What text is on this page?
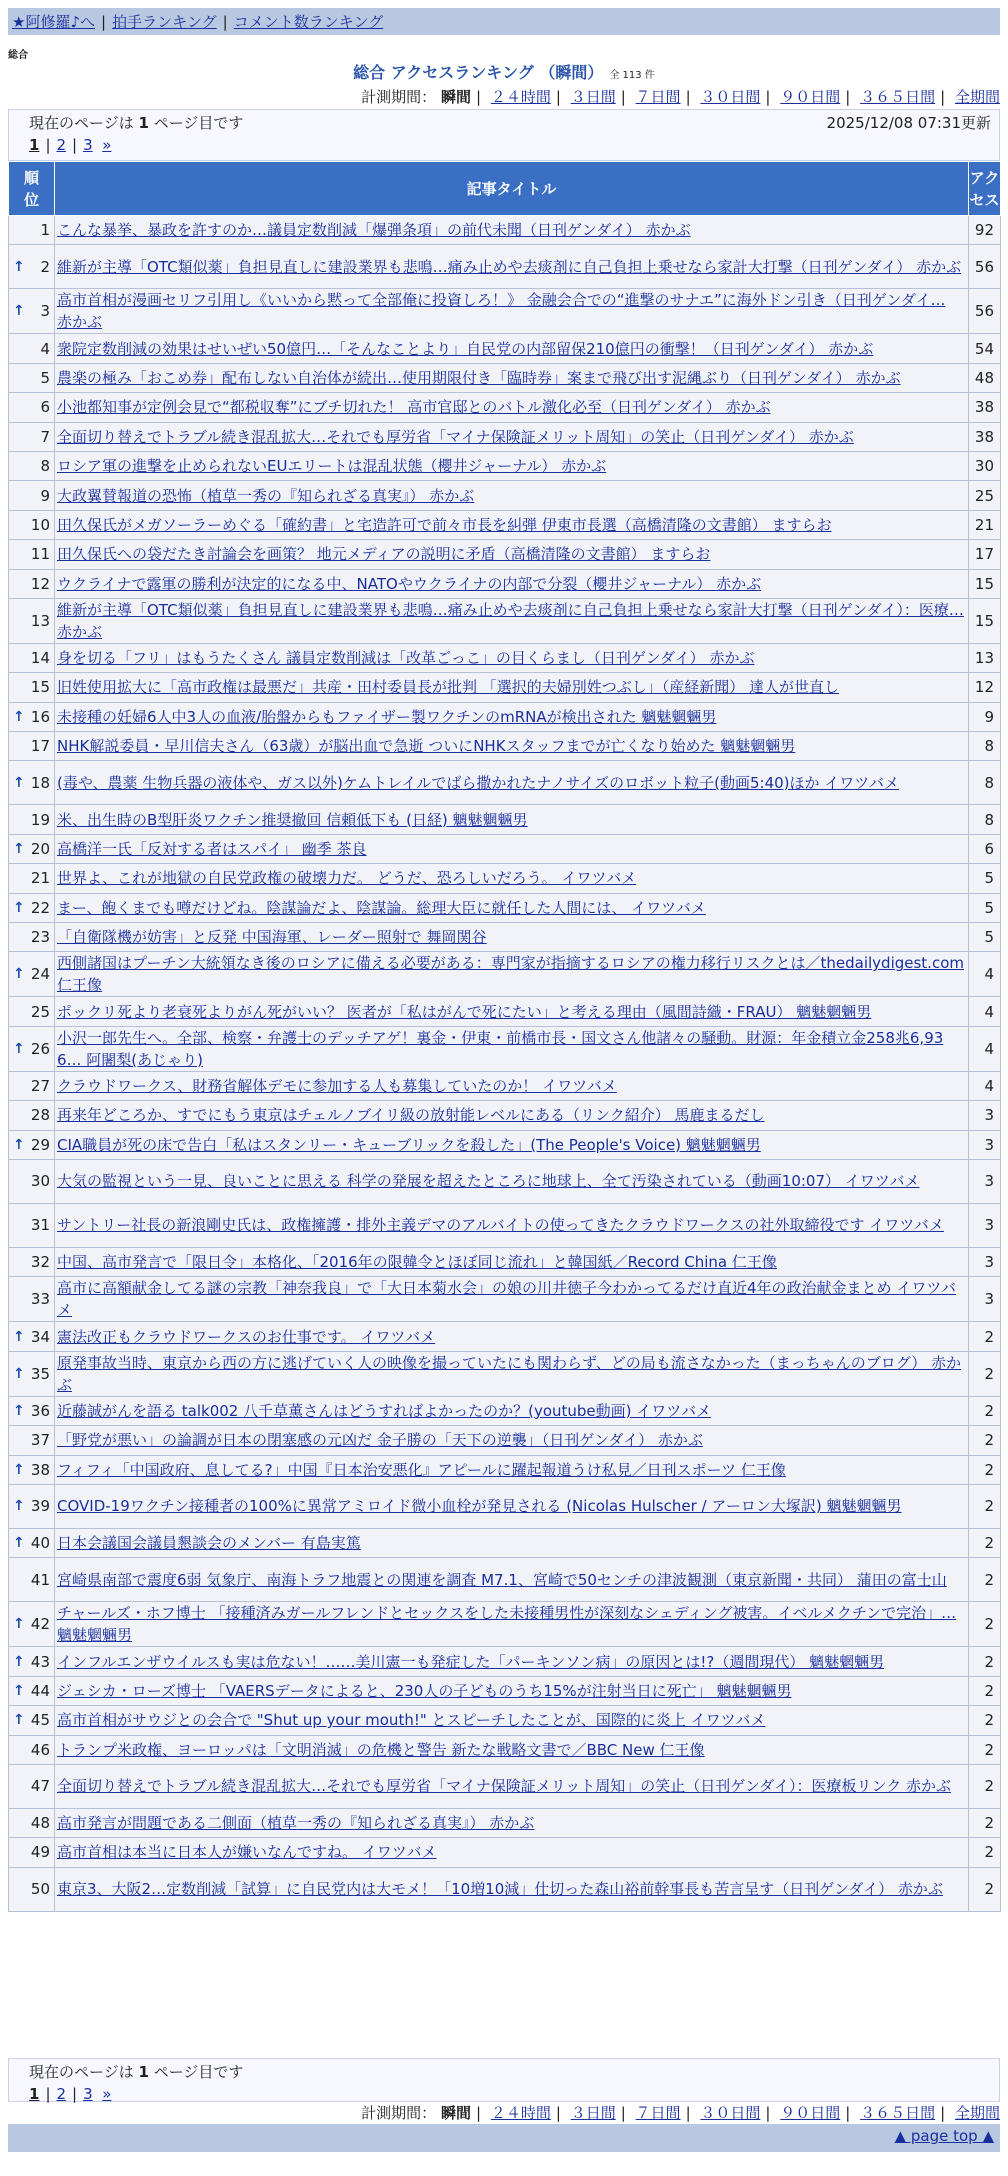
★阿修羅♪へ | 拍手ランキング | コメント数ランキング
総合
総合 アクセスランキング （瞬間） 全 113 件
計測期間： 瞬間 | ２４時間 | ３日間 | ７日間 | ３０日間 | ９０日間 | ３６５日間 | 全期間
現在のページは 1 ページ目です	2025/12/08 07:31更新
1 | 2 | 3 »
順位	記事タイトル	アクセス
1	こんな暴挙、暴政を許すのか…議員定数削減「爆弾条項」の前代未聞（日刊ゲンダイ） 赤かぶ	92

↑ 2	維新が主導「OTC類似薬」負担見直しに建設業界も悲鳴…痛み止めや去痰剤に自己負担上乗せなら家計大打撃（日刊ゲンダイ） 赤かぶ	56

↑ 3	高市首相が漫画セリフ引用し《いいから黙って全部俺に投資しろ！》 金融会合での“進撃のサナエ”に海外ドン引き（日刊ゲンダイ… 赤かぶ	56
4	衆院定数削減の効果はせいぜい50億円…「そんなことより」自民党の内部留保210億円の衝撃！（日刊ゲンダイ） 赤かぶ	54
5	農楽の極み「おこめ券」配布しない自治体が続出…使用期限付き「臨時券」案まで飛び出す泥縄ぶり（日刊ゲンダイ） 赤かぶ	48
6	小池都知事が定例会見で“都税収奪”にブチ切れた！ 高市官邸とのバトル激化必至（日刊ゲンダイ） 赤かぶ	38
7	全面切り替えでトラブル続き混乱拡大…それでも厚労省「マイナ保険証メリット周知」の笑止（日刊ゲンダイ） 赤かぶ	38
8	ロシア軍の進撃を止められないEUエリートは混乱状態（櫻井ジャーナル） 赤かぶ	30
9	大政翼賛報道の恐怖（植草一秀の『知られざる真実』） 赤かぶ	25
10	田久保氏がメガソーラーめぐる「確約書」と宅造許可で前々市長を糾弾 伊東市長選（高橋清隆の文書館） ますらお	21
11	田久保氏への袋だたき討論会を画策？ 地元メディアの説明に矛盾（高橋清隆の文書館） ますらお	17
12	ウクライナで露軍の勝利が決定的になる中、NATOやウクライナの内部で分裂（櫻井ジャーナル） 赤かぶ	15
13	維新が主導「OTC類似薬」負担見直しに建設業界も悲鳴…痛み止めや去痰剤に自己負担上乗せなら家計大打撃（日刊ゲンダイ）：医療… 赤かぶ	15
14	身を切る「フリ」はもうたくさん 議員定数削減は「改革ごっこ」の目くらまし（日刊ゲンダイ） 赤かぶ	13
15	旧姓使用拡大に「高市政権は最悪だ」共産・田村委員長が批判 「選択的夫婦別姓つぶし」（産経新聞） 達人が世直し	12

↑ 16	未接種の妊婦6人中3人の血液/胎盤からもファイザー製ワクチンのmRNAが検出された 魑魅魍魎男	9
17	NHK解説委員・早川信夫さん（63歳）が脳出血で急逝 ついにNHKスタッフまでが亡くなり始めた 魑魅魍魎男	8

↑ 18	(毒や、農薬 生物兵器の液体や、ガス以外)ケムトレイルでばら撒かれたナノサイズのロボット粒子(動画5:40)ほか イワツバメ	8
19	米、出生時のB型肝炎ワクチン推奨撤回 信頼低下も (日経) 魑魅魍魎男	8

↑ 20	高橋洋一氏「反対する者はスパイ」 幽季 茶良	6
21	世界よ、これが地獄の自民党政権の破壊力だ。 どうだ、恐ろしいだろう。 イワツバメ	5

↑ 22	まー、飽くまでも噂だけどね。陰謀論だよ、陰謀論。総理大臣に就任した人間には、 イワツバメ	5
23	「自衛隊機が妨害」と反発 中国海軍、レーダー照射で 舞岡関谷	5

↑ 24	西側諸国はプーチン大統領なき後のロシアに備える必要がある：専門家が指摘するロシアの権力移行リスクとは／thedailydigest.com 仁王像	4
25	ポックリ死より老衰死よりがん死がいい？ 医者が「私はがんで死にたい」と考える理由（風間詩織・FRAU） 魑魅魍魎男	4

↑ 26	小沢一郎先生へ。全部、検察・弁護士のデッチアゲ！裏金・伊東・前橋市長・国文さん他諸々の騒動。財源：年金積立金258兆6,936… 阿闍梨(あじゃり)	4
27	クラウドワークス、財務省解体デモに参加する人も募集していたのか！ イワツバメ	4
28	再来年どころか、すでにもう東京はチェルノブイリ級の放射能レベルにある（リンク紹介） 馬鹿まるだし	3

↑ 29	CIA職員が死の床で告白「私はスタンリー・キューブリックを殺した」(The People's Voice) 魑魅魍魎男	3
30	大気の監視という一見、良いことに思える 科学の発展を超えたところに地球上、全て汚染されている（動画10:07） イワツバメ	3
31	サントリー社長の新浪剛史氏は、政権擁護・排外主義デマのアルバイトの使ってきたクラウドワークスの社外取締役です イワツバメ	3
32	中国、高市発言で「限日令」本格化、「2016年の限韓令とほぼ同じ流れ」と韓国紙／Record China 仁王像	3
33	高市に高額献金してる謎の宗教「神奈我良」で「大日本菊水会」の娘の川井徳子今わかってるだけ直近4年の政治献金まとめ イワツバメ	3

↑ 34	憲法改正もクラウドワークスのお仕事です。 イワツバメ	2

↑ 35	原発事故当時、東京から西の方に逃げていく人の映像を撮っていたにも関わらず、どの局も流さなかった（まっちゃんのブログ） 赤かぶ	2

↑ 36	近藤誠がんを語る talk002 八千草薫さんはどうすればよかったのか？(youtube動画) イワツバメ	2
37	「野党が悪い」の論調が日本の閉塞感の元凶だ 金子勝の「天下の逆襲」（日刊ゲンダイ） 赤かぶ	2

↑ 38	フィフィ「中国政府、息してる?」中国『日本治安悪化』アピールに躍起報道うけ私見／日刊スポーツ 仁王像	2

↑ 39	COVID-19ワクチン接種者の100%に異常アミロイド微小血栓が発見される (Nicolas Hulscher / アーロン大塚訳) 魑魅魍魎男	2

↑ 40	日本会議国会議員懇談会のメンバー 有島実篤	2
41	宮崎県南部で震度6弱 気象庁、南海トラフ地震との関連を調査 M7.1、宮崎で50センチの津波観測（東京新聞・共同） 蒲田の富士山	2

↑ 42	チャールズ・ホフ博士 「接種済みガールフレンドとセックスをした未接種男性が深刻なシェディング被害。イベルメクチンで完治」… 魑魅魍魎男	2

↑ 43	インフルエンザウイルスも実は危ない！……美川憲一も発症した「パーキンソン病」の原因とは!?（週間現代） 魑魅魍魎男	2

↑ 44	ジェシカ・ローズ博士 「VAERSデータによると、230人の子どものうち15%が注射当日に死亡」 魑魅魍魎男	2

↑ 45	高市首相がサウジとの会合で "Shut up your mouth!" とスピーチしたことが、国際的に炎上 イワツバメ	2
46	トランプ米政権、ヨーロッパは「文明消滅」の危機と警告 新たな戦略文書で／BBC New 仁王像	2
47	全面切り替えでトラブル続き混乱拡大…それでも厚労省「マイナ保険証メリット周知」の笑止（日刊ゲンダイ）：医療板リンク 赤かぶ	2
48	高市発言が問題である二側面（植草一秀の『知られざる真実』） 赤かぶ	2
49	高市首相は本当に日本人が嫌いなんですね。 イワツバメ	2
50	東京3、大阪2…定数削減「試算」に自民党内は大モメ！「10増10減」仕切った森山裕前幹事長も苦言呈す（日刊ゲンダイ） 赤かぶ	2
現在のページは 1 ページ目です
1 | 2 | 3 »
計測期間： 瞬間 | ２４時間 | ３日間 | ７日間 | ３０日間 | ９０日間 | ３６５日間 | 全期間
▲ page top ▲
